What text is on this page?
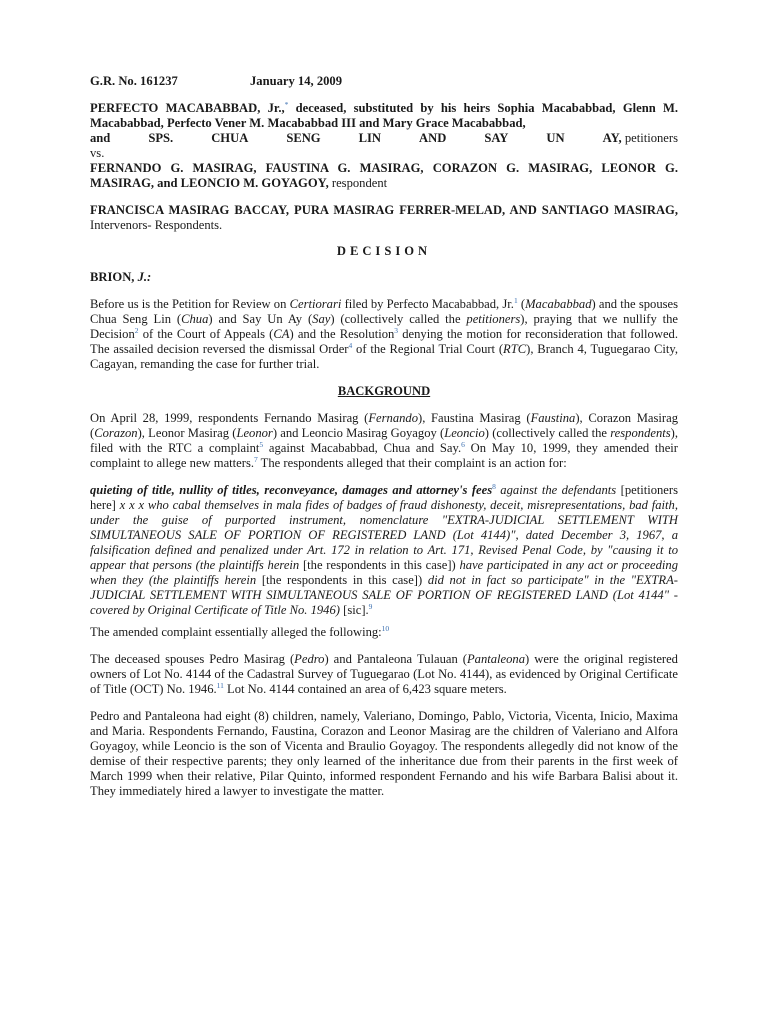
G.R. No. 161237	January 14, 2009

PERFECTO MACABABBAD, Jr.,* deceased, substituted by his heirs Sophia Macababbad, Glenn M. Macababbad, Perfecto Vener M. Macababbad III and Mary Grace Macababbad,

and	SPS.	CHUA	SENG	LIN	AND	SAY	UN	AY, petitioners

vs.

FERNANDO G. MASIRAG, FAUSTINA G. MASIRAG, CORAZON G. MASIRAG, LEONOR G. MASIRAG, and LEONCIO M. GOYAGOY, respondent

FRANCISCA MASIRAG BACCAY, PURA MASIRAG FERRER-MELAD, AND SANTIAGO MASIRAG, Intervenors- Respondents.

DECISION

BRION, J.:

Before us is the Petition for Review on Certiorari filed by Perfecto Macababbad, Jr.$^1$ (Macababbad) and the spouses Chua Seng Lin (Chua) and Say Un Ay (Say) (collectively called the petitioners), praying that we nullify the Decision$^2$ of the Court of Appeals (CA) and the Resolution$^3$ denying the motion for reconsideration that followed. The assailed decision reversed the dismissal Order$^4$ of the Regional Trial Court (RTC), Branch 4, Tuguegarao City, Cagayan, remanding the case for further trial.

BACKGROUND

On April 28, 1999, respondents Fernando Masirag (Fernando), Faustina Masirag (Faustina), Corazon Masirag (Corazon), Leonor Masirag (Leonor) and Leoncio Masirag Goyagoy (Leoncio) (collectively called the respondents), filed with the RTC a complaint$^5$ against Macababbad, Chua and Say.$^6$ On May 10, 1999, they amended their complaint to allege new matters.$^7$ The respondents alleged that their complaint is an action for:

quieting of title, nullity of titles, reconveyance, damages and attorney's fees$^8$ against the defendants [petitioners here] x x x who cabal themselves in mala fides of badges of fraud dishonesty, deceit, misrepresentations, bad faith, under the guise of purported instrument, nomenclature "EXTRA-JUDICIAL SETTLEMENT WITH SIMULTANEOUS SALE OF PORTION OF REGISTERED LAND (Lot 4144)", dated December 3, 1967, a falsification defined and penalized under Art. 172 in relation to Art. 171, Revised Penal Code, by "causing it to appear that persons (the plaintiffs herein [the respondents in this case]) have participated in any act or proceeding when they (the plaintiffs herein [the respondents in this case]) did not in fact so participate" in the "EXTRA-JUDICIAL SETTLEMENT WITH SIMULTANEOUS SALE OF PORTION OF REGISTERED LAND (Lot 4144" - covered by Original Certificate of Title No. 1946) [sic].$^9$

The amended complaint essentially alleged the following:$^{10}$

The deceased spouses Pedro Masirag (Pedro) and Pantaleona Tulauan (Pantaleona) were the original registered owners of Lot No. 4144 of the Cadastral Survey of Tuguegarao (Lot No. 4144), as evidenced by Original Certificate of Title (OCT) No. 1946.11 Lot No. 4144 contained an area of 6,423 square meters.

Pedro and Pantaleona had eight (8) children, namely, Valeriano, Domingo, Pablo, Victoria, Vicenta, Inicio, Maxima and Maria. Respondents Fernando, Faustina, Corazon and Leonor Masirag are the children of Valeriano and Alfora Goyagoy, while Leoncio is the son of Vicenta and Braulio Goyagoy. The respondents allegedly did not know of the demise of their respective parents; they only learned of the inheritance due from their parents in the first week of March 1999 when their relative, Pilar Quinto, informed respondent Fernando and his wife Barbara Balisi about it. They immediately hired a lawyer to investigate the matter.
